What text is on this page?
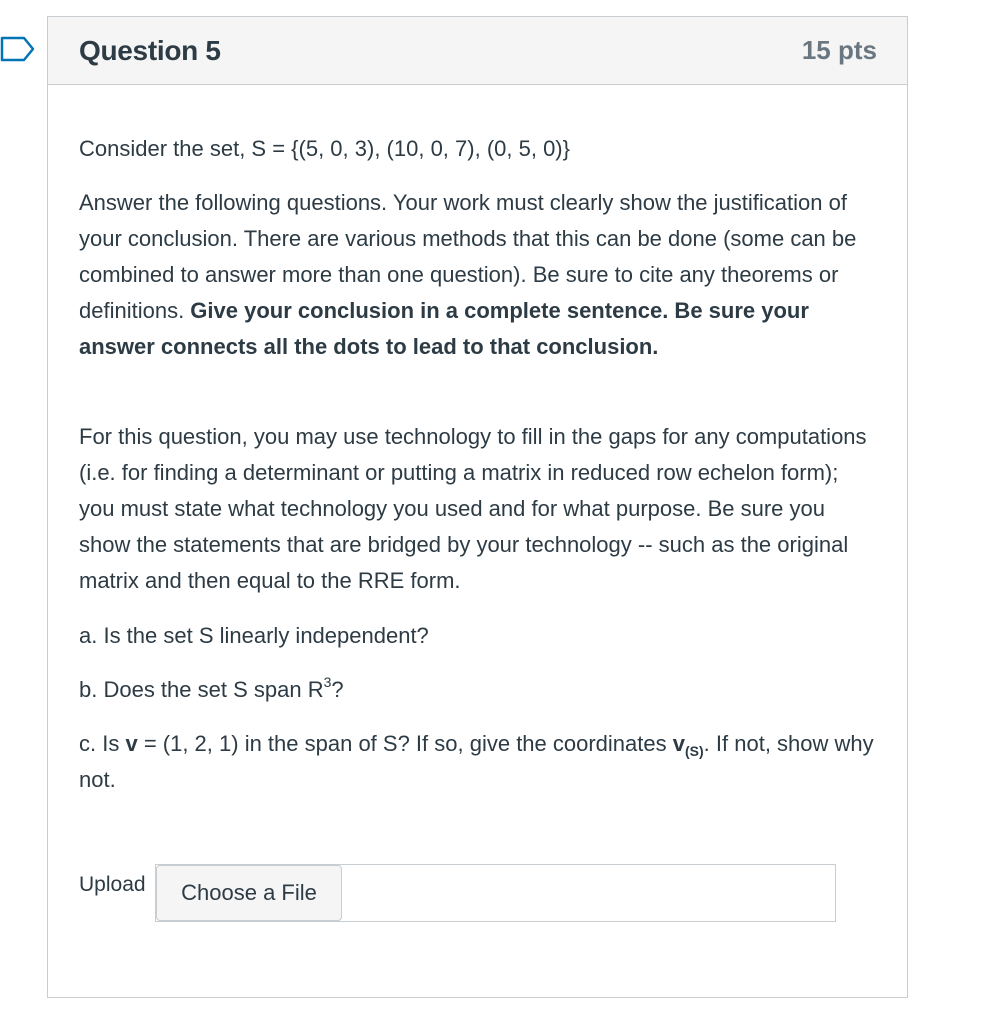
Question 5	15 pts

Consider the set, S = {(5, 0, 3), (10, 0, 7), (0, 5, 0)}

Answer the following questions. Your work must clearly show the justification of your conclusion. There are various methods that this can be done (some can be combined to answer more than one question). Be sure to cite any theorems or definitions. Give your conclusion in a complete sentence. Be sure your answer connects all the dots to lead to that conclusion.

For this question, you may use technology to fill in the gaps for any computations (i.e. for finding a determinant or putting a matrix in reduced row echelon form); you must state what technology you used and for what purpose. Be sure you show the statements that are bridged by your technology -- such as the original matrix and then equal to the RRE form.

a. Is the set S linearly independent?

b. Does the set S span $R^3$?

c. Is v = (1, 2, 1) in the span of S? If so, give the coordinates $v_{(S)}$. If not, show why not.

Upload	Choose a File
